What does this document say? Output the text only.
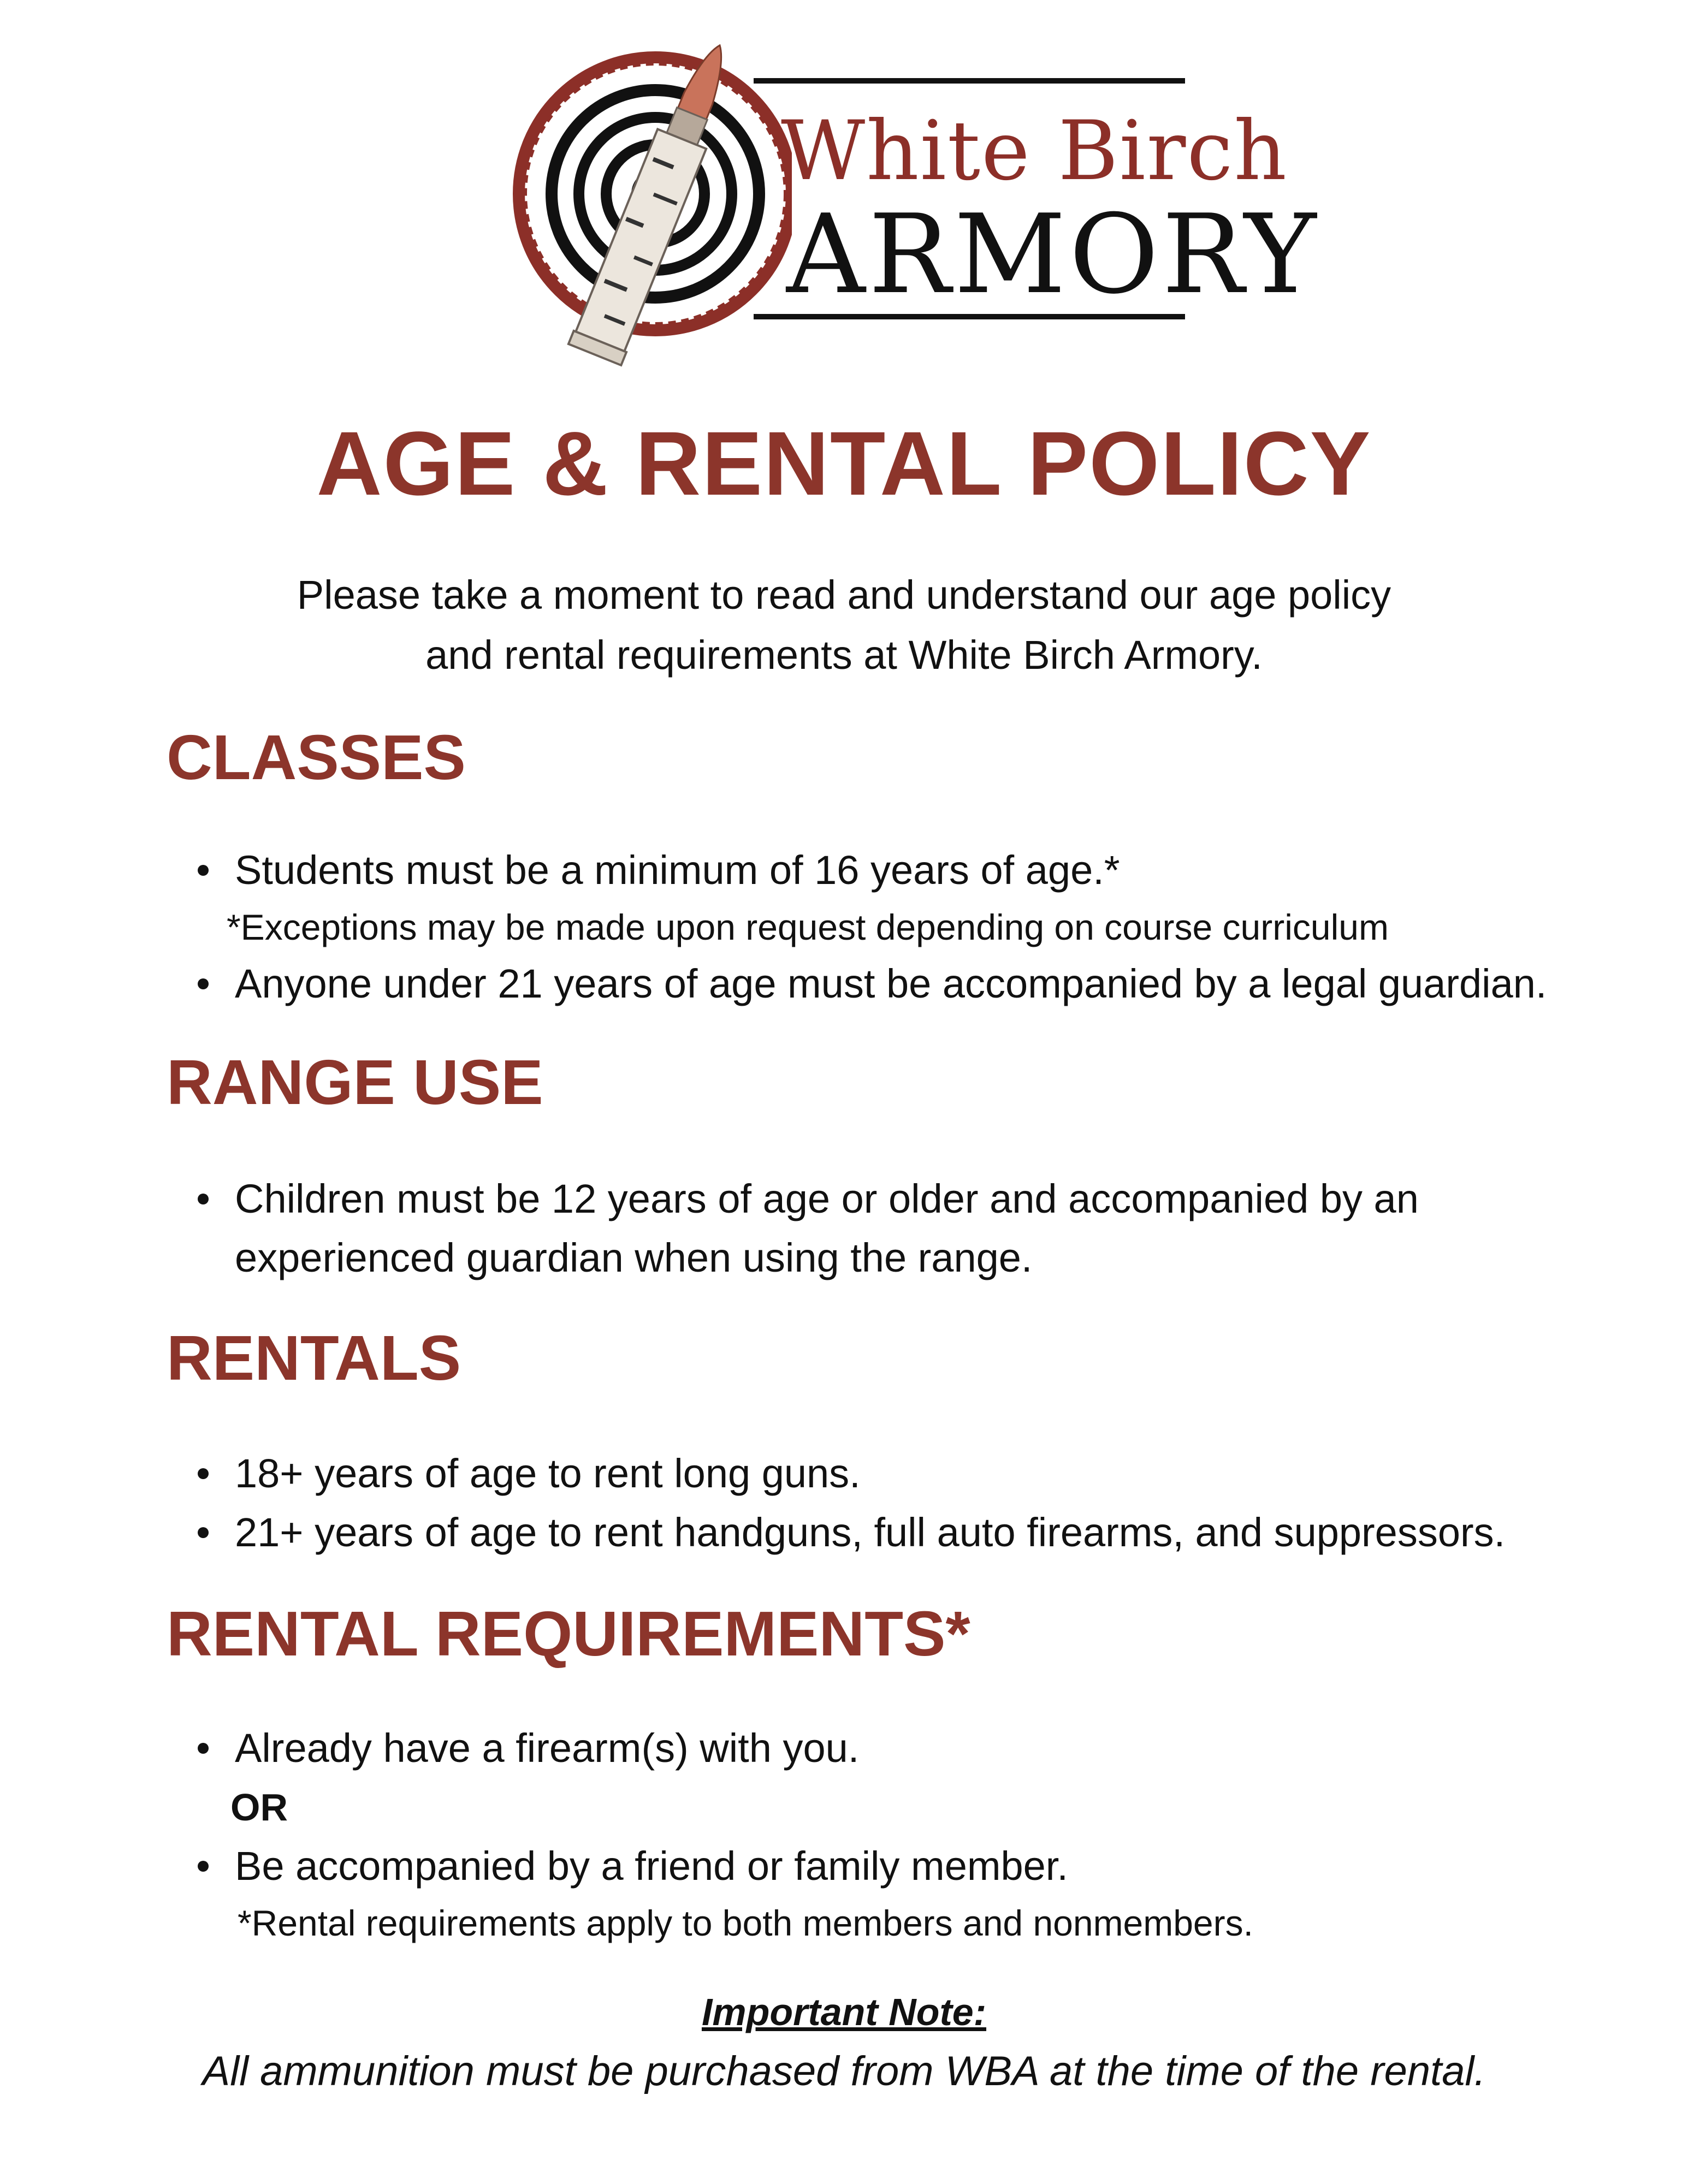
White Birch
ARMORY
AGE & RENTAL POLICY
Please take a moment to read and understand our age policy
and rental requirements at White Birch Armory.
CLASSES
Students must be a minimum of 16 years of age.*
*Exceptions may be made upon request depending on course curriculum
Anyone under 21 years of age must be accompanied by a legal guardian.
RANGE USE
Children must be 12 years of age or older and accompanied by an
experienced guardian when using the range.
RENTALS
18+ years of age to rent long guns.
21+ years of age to rent handguns, full auto firearms, and suppressors.
RENTAL REQUIREMENTS*
Already have a firearm(s) with you.
OR
Be accompanied by a friend or family member.
*Rental requirements apply to both members and nonmembers.
Important Note:
All ammunition must be purchased from WBA at the time of the rental.
